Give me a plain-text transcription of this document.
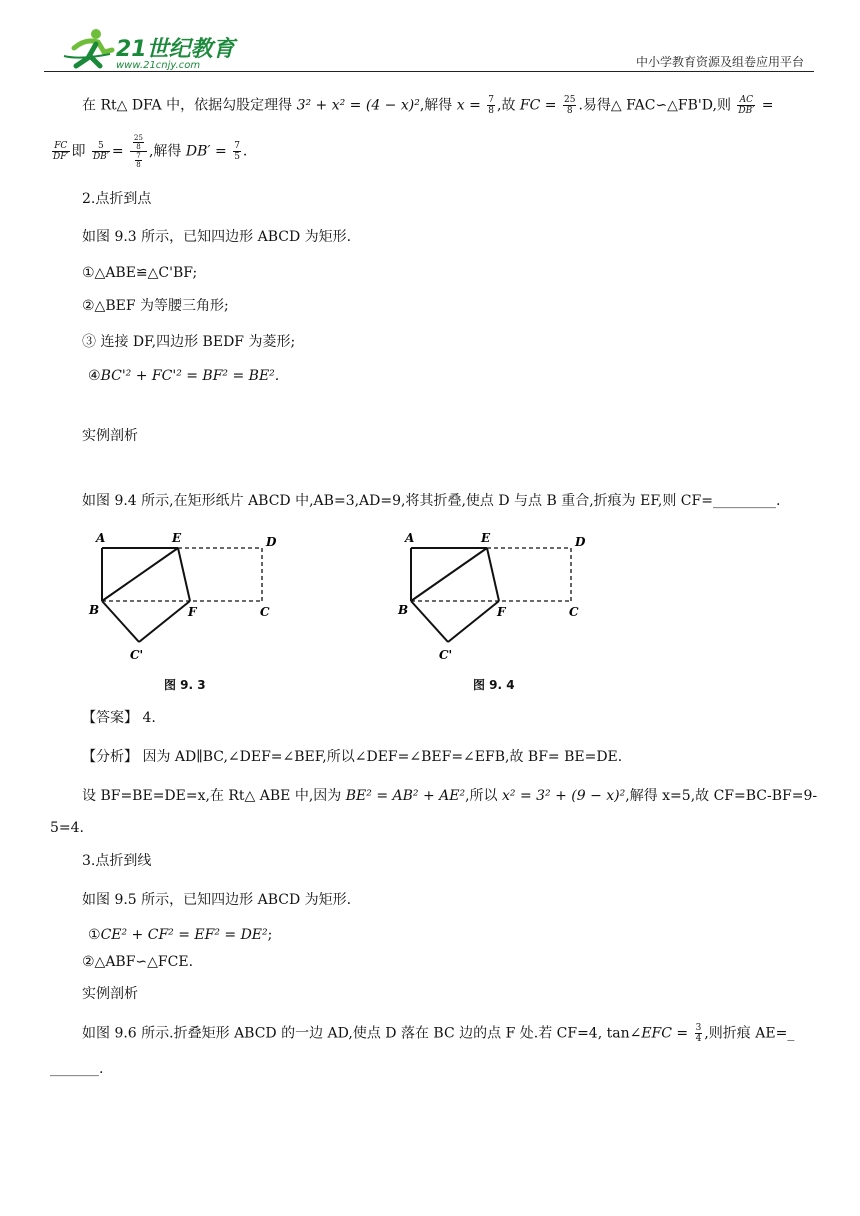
21世纪教育
www.21cnjy.com	中小学教育资源及组卷应用平台
在 Rt△ DFA 中，依据勾股定理得 3² + x² = (4 − x)²,解得 $x = \frac{7}{8}$ ,故 FC = $\frac{25}{8}$ .易得△ FAC∽△FB'D,则 $\frac{AC}{DB'}$ =
$\frac{FC}{DF'}$ 即 $\frac{5}{DB'} = \frac{\frac{25}{8}}{\frac{7}{8}}$ ,解得 $DB' = \frac{7}{5}$ .
2.点折到点
如图 9.3 所示，已知四边形 ABCD 为矩形.
①△ABE≌△C'BF;
②△BEF 为等腰三角形;
③ 连接 DF,四边形 BEDF 为菱形;
④BC'² + FC'² = BF² = BE².
实例剖析
如图 9.4 所示,在矩形纸片 ABCD 中,AB=3,AD=9,将其折叠,使点 D 与点 B 重合,折痕为 EF,则 CF=_________.
A	E	D
B	F	C
C'
图 9. 3
A	E	D
B	F	C
C'
图 9. 4
【答案】 4.
【分析】 因为 AD∥BC,∠DEF=∠BEF,所以∠DEF=∠BEF=∠EFB,故 BF= BE=DE.
设 BF=BE=DE=x,在 Rt△ ABE 中,因为 BE² = AB² + AE²,所以 x² = 3² + (9 − x)²,解得 x=5,故 CF=BC-BF=9-
5=4.
3.点折到线
如图 9.5 所示，已知四边形 ABCD 为矩形.
①CE² + CF² = EF² = DE²;
②△ABF∽△FCE.
实例剖析
如图 9.6 所示.折叠矩形 ABCD 的一边 AD,使点 D 落在 BC 边的点 F 处.若 CF=4, tan∠EFC = $\frac{3}{4}$ ,则折痕 AE=_
_______.
